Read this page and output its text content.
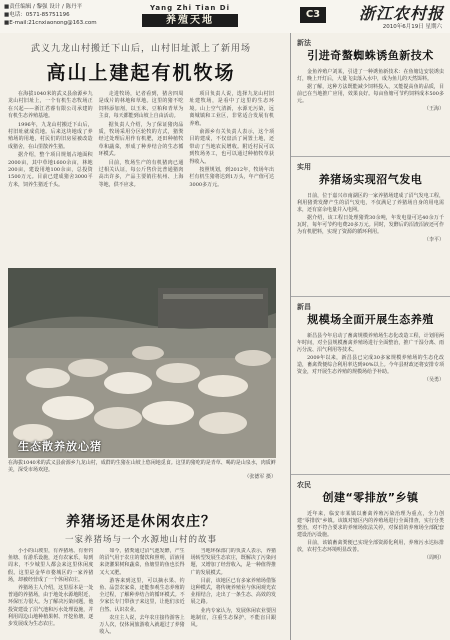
■责任编辑 / 黎强 设计 / 陈丹平
■电话：0571-85751196
■E-mail:21cnxiaonong@163.com
Yang Zhi Tian Di
养殖天地
C3	浙江农村报
2010年6月19日 星期六
武义九龙山村搬迁下山后，山村旧址派上了新用场
高山上建起有机牧场

在海拔1040米的武义县俞源乡九龙山村旧址上，一个有机生态牧场正在兴起——浙江君睿有限公司承建的有机生态养殖基地。

1996年，九龙山村搬迁下山后，村旧址就成荒地。后来这块地成了养殖场的用地，村民们的旧房屋被改造成猪舍，在山里散养生猪。

据介绍，整个项目规划占地面积2000亩，其中草地1600余亩，林地200亩，建设用地100余亩，总投资1500万元。目前已建成猪舍3000平方米，饲养生猪近千头。

走进牧场，记者看到，猪舍四周是成片的林地和草地。这里的猪不吃饲料添加剂，以玉米、豆粕和青草为主食，每天都能到山坡上自由活动。

据负责人介绍，为了保证猪肉品质，牧场采用分区轮牧的方式，猪粪经过处理后用作有机肥，还田种植牧草和蔬菜，形成了种养结合的生态循环模式。

目前，牧场生产的有机猪肉已通过相关认证，每公斤售价比普通猪肉高出许多，产品主要销往杭州、上海等地，供不应求。

项目负责人说，选择九龙山村旧址建牧场，是看中了这里的生态环境。山上空气清新，水源无污染，远离城镇和工业区，非常适合发展有机养殖。

俞源乡有关负责人表示，这个项目的建成，不仅盘活了闲置土地，还带动了当地农民增收。附近村民可以到牧场务工，也可以通过种植牧草获得收入。

按照规划，到2012年，牧场年出栏有机生猪将达到1万头，年产值可达3000多万元。

生态散养放心猪
在海拔1040米的武义县俞源乡九龙山村，成群的生猪在山坡上悠闲地觅食。这里的猪吃的是青草、喝的是山泉水，肉质鲜美，深受市场欢迎。
（张德军 摄）
养猪场还是休闲农庄？
一家养猪场与一个水源地山村的故事

小小的山坡里，有养猪场、有垂钓鱼塘、有游乐设施，还有农家乐，每到周末，不少城里人都会来这里休闲度假。这里是金华市婺城区的一家养猪场，却被经营成了一个休闲农庄。

养猪场主人介绍，这里原本是一处普通的养猪场，由于地处水源地附近，环保压力很大。为了解决污染问题，他投资建设了沼气池和污水处理设施，并利用周边山地种植果树、开挖鱼塘，逐步发展成为生态农庄。

如今，猪粪通过沼气池发酵，产生的沼气用于农庄的餐饮和照明，沼液用来浇灌果树和蔬菜，鱼塘里的鱼也长得又大又肥。

游客来到这里，可以摘水果、钓鱼、品尝农家菜，还能参观生态养殖的全过程，了解种养结合的循环模式。不少家长专门带孩子来这里，让他们亲近自然、认识农业。

农庄主人说，去年农庄接待游客上万人次，仅休闲旅游收入就超过了养猪收入。

当地环保部门的负责人表示，养猪场转型发展生态农庄，既解决了污染问题，又增加了经营收入，是一种值得推广的发展模式。

目前，该地区已有多家养殖场借鉴这种模式，将传统养殖业与休闲观光农业相结合，走出了一条生态、高效的发展之路。

业内专家认为，发展休闲农业要因地制宜，注重生态保护，不能盲目跟风。

新法
引进奇螯蜘蛛诱鱼新技术

金鱼养殖户刘某，引进了一种诱鱼新技术：在鱼塘边安装诱虫灯，晚上开灯后，大量飞虫落入水中，成为鱼儿的天然饵料。

据了解，这种方法既能减少饲料投入，又能提高鱼的品质，目前已在当地推广应用，效果良好。每亩鱼塘可节约饲料成本500多元。

（王海）
实用
养猪场实现沼气发电

日前，位于嘉兴市南湖区的一家养猪场建成了沼气发电工程，利用猪粪发酵产生的沼气发电，不仅满足了养猪场自身的用电需求，还有富余电量并入电网。

据介绍，该工程日处理猪粪30余吨，年发电量可达40余万千瓦时，每年可节约电费20多万元。同时，发酵后的沼渣沼液还可作为有机肥料，实现了资源的循环利用。

（李平）
新昌
规模场全面开展生态养殖

新昌县今年启动了畜禽规模养殖场生态化改造工程，计划用两年时间，对全县规模畜禽养殖场进行全面整治，推广干湿分离、雨污分流、沼气利用等技术。

2009年以来，新昌县已完成30多家规模养殖场的生态化改造，畜禽粪便综合利用率达到90%以上。今年县财政还将安排专项资金，对开展生态养殖的规模场给予补助。

（吴勇）
农民
创建“零排放”乡镇

近年来，临安市某镇以畜禽养殖污染治理为重点，全力创建“零排放”乡镇。该镇对辖区内的养殖场进行全面排查，实行分类整治，对不符合要求的养殖场依法关停，对保留的养殖场全部配套建设治污设施。

目前，该镇畜禽粪便已实现全部资源化利用，养殖污水达标排放，农村生态环境明显改善。

（周明）
